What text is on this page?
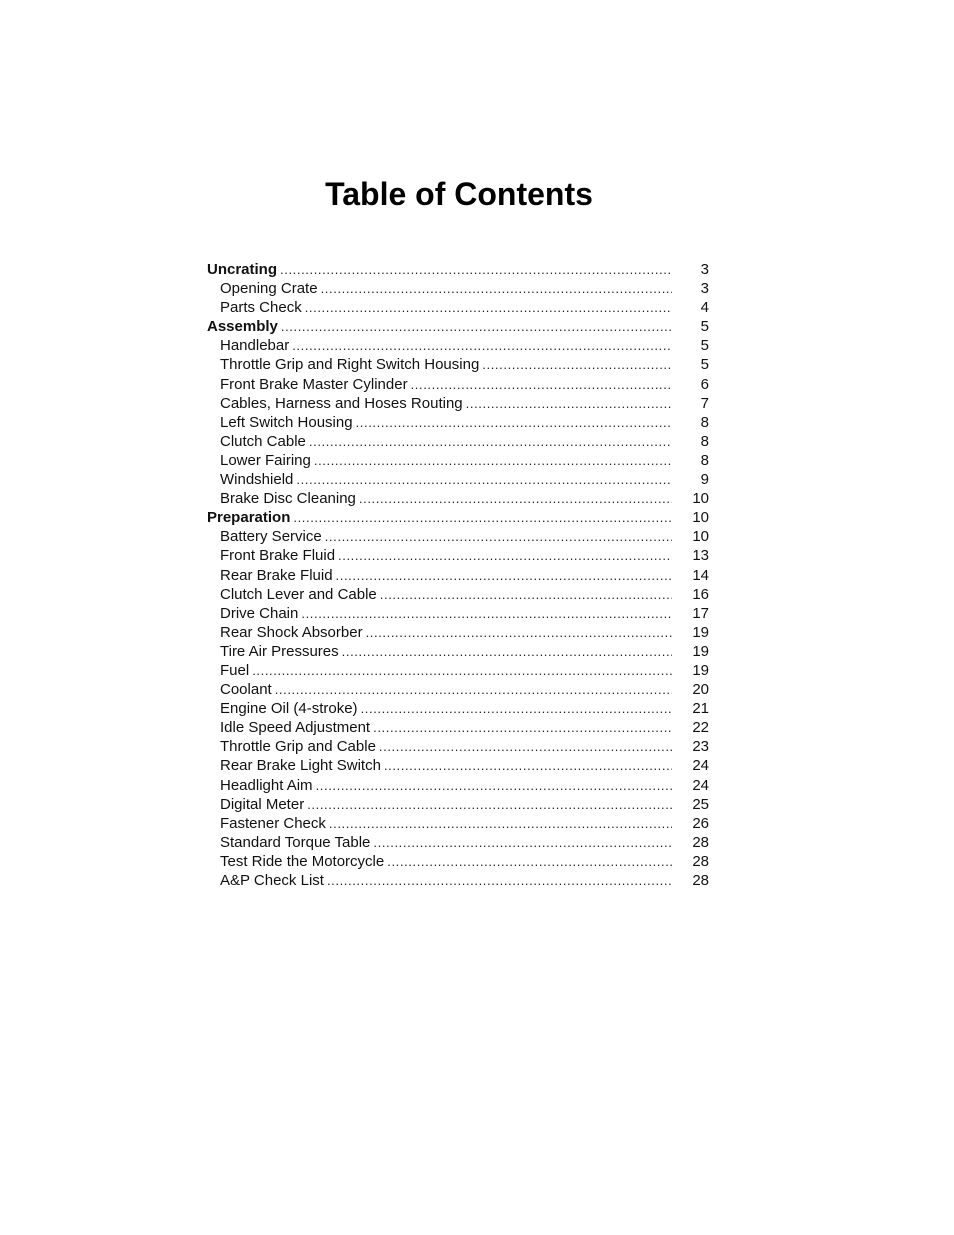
Table of Contents
Uncrating .....	3
Opening Crate .....	3
Parts Check .....	4
Assembly .....	5
Handlebar .....	5
Throttle Grip and Right Switch Housing .....	5
Front Brake Master Cylinder .....	6
Cables, Harness and Hoses Routing .....	7
Left Switch Housing .....	8
Clutch Cable .....	8
Lower Fairing .....	8
Windshield .....	9
Brake Disc Cleaning .....	10
Preparation .....	10
Battery Service .....	10
Front Brake Fluid .....	13
Rear Brake Fluid .....	14
Clutch Lever and Cable .....	16
Drive Chain .....	17
Rear Shock Absorber .....	19
Tire Air Pressures .....	19
Fuel .....	19
Coolant .....	20
Engine Oil (4-stroke) .....	21
Idle Speed Adjustment .....	22
Throttle Grip and Cable .....	23
Rear Brake Light Switch .....	24
Headlight Aim .....	24
Digital Meter .....	25
Fastener Check .....	26
Standard Torque Table .....	28
Test Ride the Motorcycle .....	28
A&P Check List .....	28
